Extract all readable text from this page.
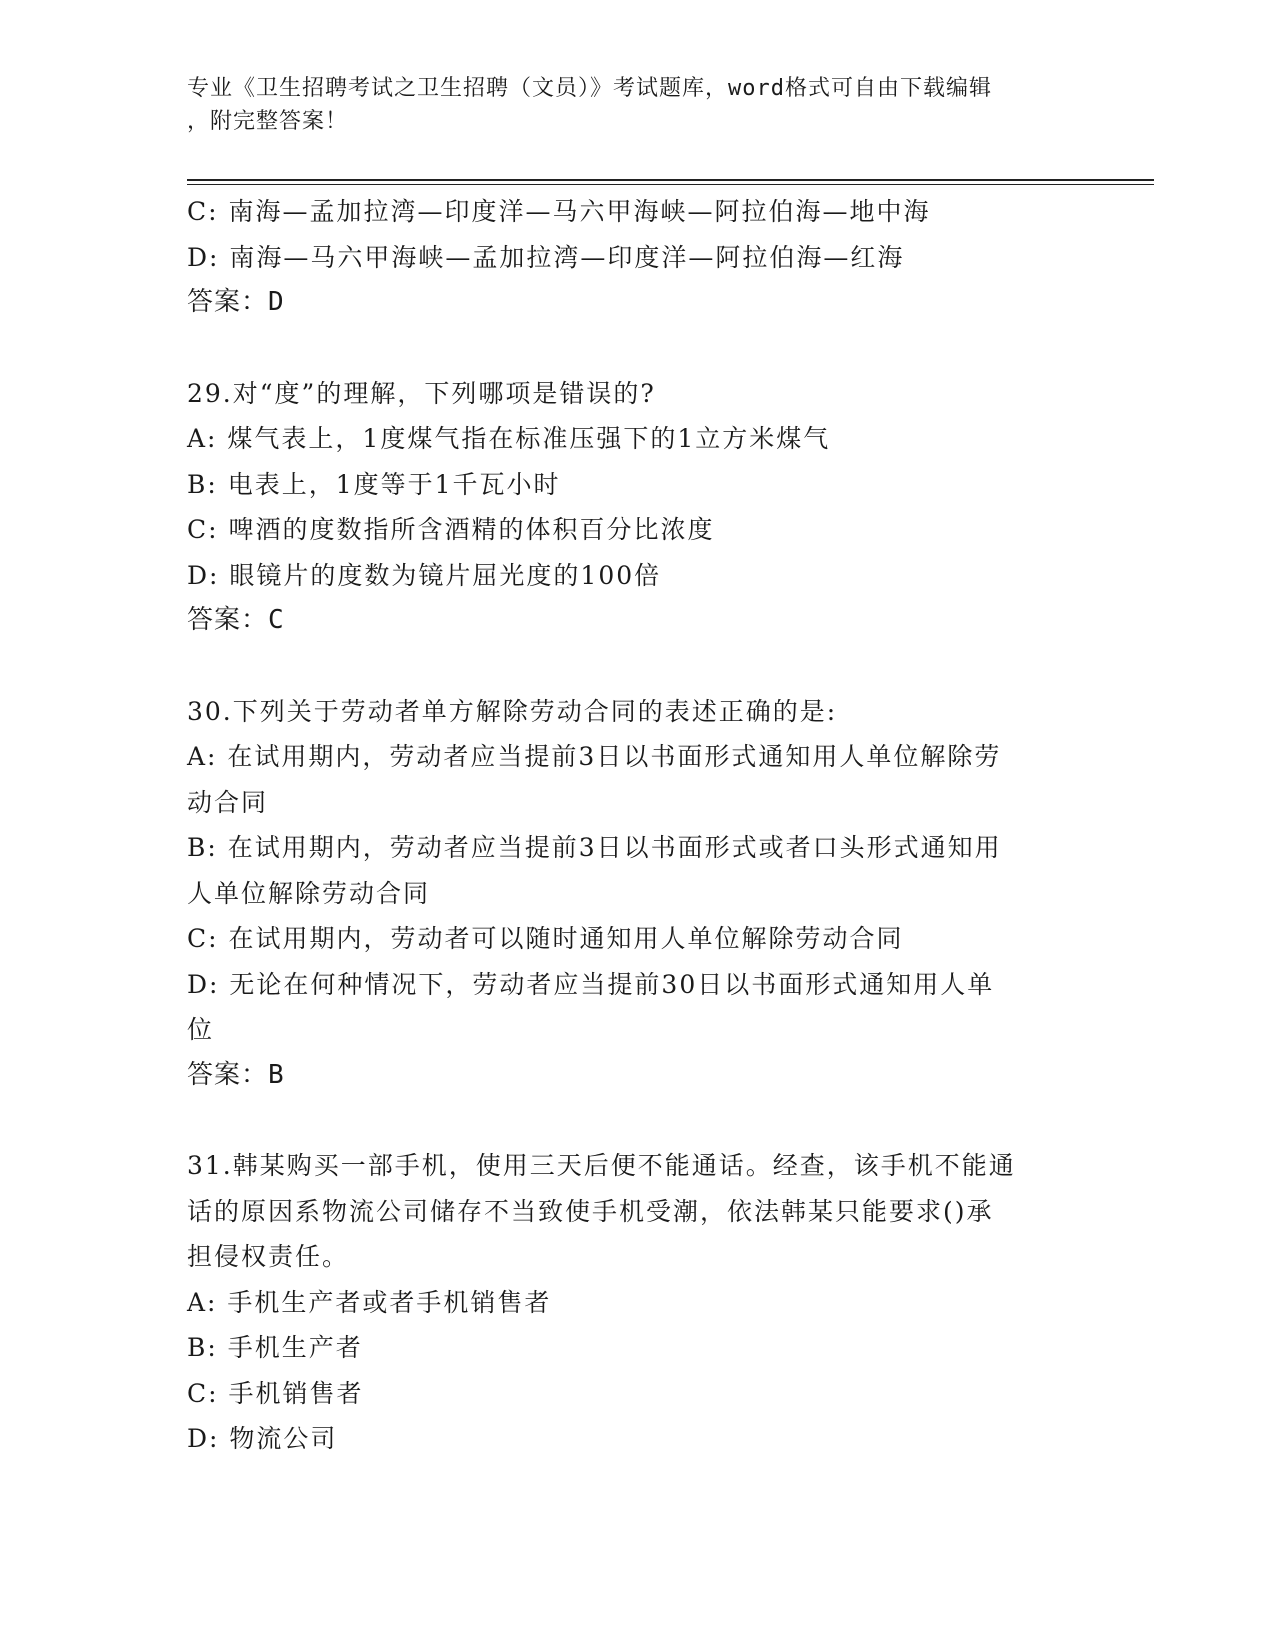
专业《卫生招聘考试之卫生招聘（文员）》考试题库，word格式可自由下载编辑
，附完整答案！

C: 南海—孟加拉湾—印度洋—马六甲海峡—阿拉伯海—地中海

D: 南海—马六甲海峡—孟加拉湾—印度洋—阿拉伯海—红海

答案：D

29.对“度”的理解，下列哪项是错误的?

A: 煤气表上，1度煤气指在标准压强下的1立方米煤气

B: 电表上，1度等于1千瓦小时

C: 啤酒的度数指所含酒精的体积百分比浓度

D: 眼镜片的度数为镜片屈光度的100倍

答案：C

30.下列关于劳动者单方解除劳动合同的表述正确的是:

A: 在试用期内，劳动者应当提前3日以书面形式通知用人单位解除劳

动合同

B: 在试用期内，劳动者应当提前3日以书面形式或者口头形式通知用

人单位解除劳动合同

C: 在试用期内，劳动者可以随时通知用人单位解除劳动合同

D: 无论在何种情况下，劳动者应当提前30日以书面形式通知用人单

位

答案：B

31.韩某购买一部手机，使用三天后便不能通话。经查，该手机不能通

话的原因系物流公司储存不当致使手机受潮，依法韩某只能要求()承

担侵权责任。

A: 手机生产者或者手机销售者

B: 手机生产者

C: 手机销售者

D: 物流公司
